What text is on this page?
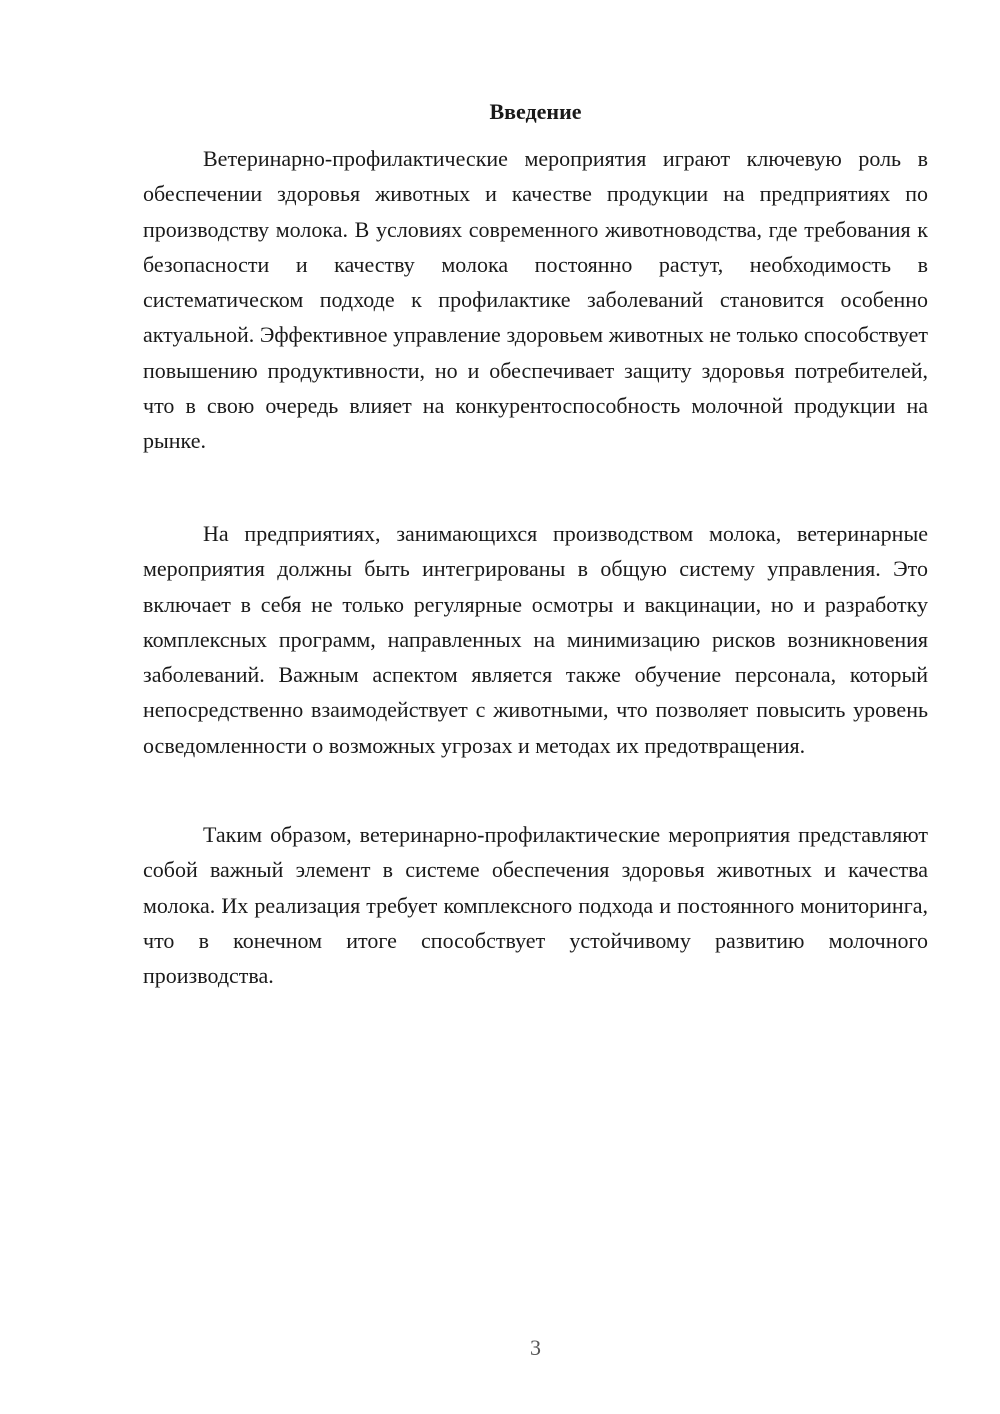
Введение

Ветеринарно-профилактические мероприятия играют ключевую роль в обеспечении здоровья животных и качестве продукции на предприятиях по производству молока. В условиях современного животноводства, где требования к безопасности и качеству молока постоянно растут, необходимость в систематическом подходе к профилактике заболеваний становится особенно актуальной. Эффективное управление здоровьем животных не только способствует повышению продуктивности, но и обеспечивает защиту здоровья потребителей, что в свою очередь влияет на конкурентоспособность молочной продукции на рынке.

На предприятиях, занимающихся производством молока, ветеринарные мероприятия должны быть интегрированы в общую систему управления. Это включает в себя не только регулярные осмотры и вакцинации, но и разработку комплексных программ, направленных на минимизацию рисков возникновения заболеваний. Важным аспектом является также обучение персонала, который непосредственно взаимодействует с животными, что позволяет повысить уровень осведомленности о возможных угрозах и методах их предотвращения.

Таким образом, ветеринарно-профилактические мероприятия представляют собой важный элемент в системе обеспечения здоровья животных и качества молока. Их реализация требует комплексного подхода и постоянного мониторинга, что в конечном итоге способствует устойчивому развитию молочного производства.

3
